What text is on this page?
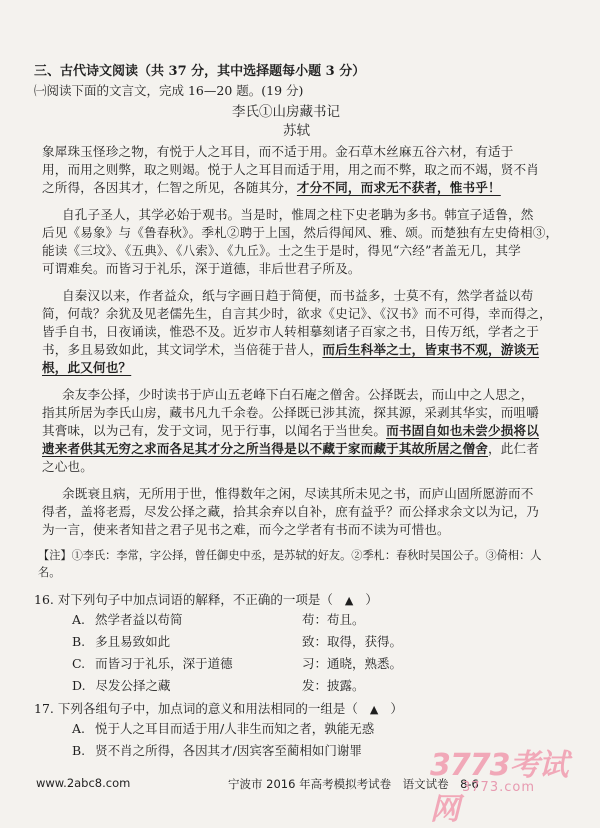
三、古代诗文阅读（共 37 分，其中选择题每小题 3 分）
㈠阅读下面的文言文，完成 16—20 题。(19 分)
李氏①山房藏书记
苏轼
象犀珠玉怪珍之物，有悦于人之耳目，而不适于用。金石草木丝麻五谷六材，有适于
用，而用之则弊，取之则竭。悦于人之耳目而适于用，用之而不弊，取之而不竭，贤不肖
之所得，各因其才，仁智之所见，各随其分，才分不同，而求无不获者，惟书乎！
自孔子圣人，其学必始于观书。当是时，惟周之柱下史老聃为多书。韩宣子适鲁，然
后见《易象》与《鲁春秋》。季札②聘于上国，然后得闻风、雅、颂。而楚独有左史倚相③，
能读《三坟》、《五典》、《八索》、《九丘》。士之生于是时，得见“六经”者盖无几，其学
可谓难矣。而皆习于礼乐，深于道德，非后世君子所及。
自秦汉以来，作者益众，纸与字画日趋于简便，而书益多，士莫不有，然学者益以苟
简，何哉？余犹及见老儒先生，自言其少时，欲求《史记》、《汉书》而不可得，幸而得之，
皆手自书，日夜诵读，惟恐不及。近岁市人转相摹刻诸子百家之书，日传万纸，学者之于
书，多且易致如此，其文词学术，当倍蓰于昔人，而后生科举之士，皆束书不观，游谈无
根，此又何也？
余友李公择，少时读书于庐山五老峰下白石庵之僧舍。公择既去，而山中之人思之，
指其所居为李氏山房，藏书凡九千余卷。公择既已涉其流，探其源，采剥其华实，而咀嚼
其膏味，以为己有，发于文词，见于行事，以闻名于当世矣。而书固自如也未尝少损将以
遗来者供其无穷之求而各足其才分之所当得是以不藏于家而藏于其故所居之僧舍，此仁者
之心也。
余既衰且病，无所用于世，惟得数年之闲，尽读其所未见之书，而庐山固所愿游而不
得者，盖将老焉，尽发公择之藏，拾其余弃以自补，庶有益乎？而公择求余文以为记，乃
为一言，使来者知昔之君子见书之难，而今之学者有书而不读为可惜也。
【注】①李氏：李常，字公择，曾任御史中丞，是苏轼的好友。②季札：春秋时吴国公子。③倚相：人
名。
16. 对下列句子中加点词语的解释，不正确的一项是（ ▲ ）
A. 然学者益以苟简	苟：苟且。
B. 多且易致如此	致：取得，获得。
C. 而皆习于礼乐，深于道德	习：通晓，熟悉。
D. 尽发公择之藏	发：披露。
17. 下列各组句子中，加点词的意义和用法相同的一组是（ ▲ ）
A. 悦于人之耳目而适于用/人非生而知之者，孰能无惑
B. 贤不肖之所得，各因其才/因宾客至蔺相如门谢罪
www.2abc8.com	宁波市 2016 年高考模拟考试卷　语文试卷　8-6
3773考试网
3773.com
